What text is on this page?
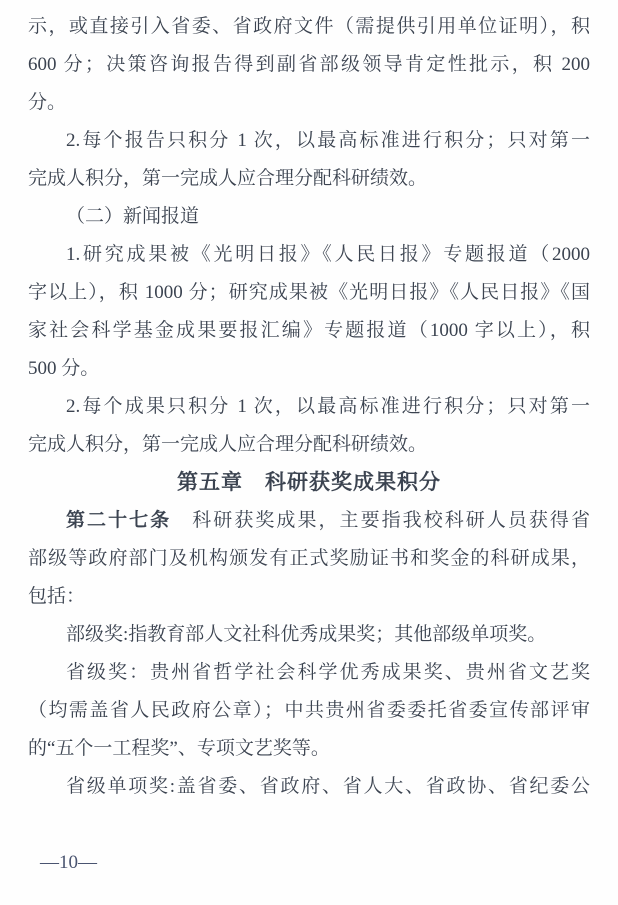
示，或直接引入省委、省政府文件（需提供引用单位证明），积
600 分；决策咨询报告得到副省部级领导肯定性批示，积 200
分。
2.每个报告只积分 1 次，以最高标准进行积分；只对第一
完成人积分，第一完成人应合理分配科研绩效。
（二）新闻报道
1.研究成果被《光明日报》《人民日报》专题报道（2000
字以上），积 1000 分；研究成果被《光明日报》《人民日报》《国
家社会科学基金成果要报汇编》专题报道（1000 字以上），积
500 分。
2.每个成果只积分 1 次，以最高标准进行积分；只对第一
完成人积分，第一完成人应合理分配科研绩效。
第五章　科研获奖成果积分
第二十七条　科研获奖成果，主要指我校科研人员获得省
部级等政府部门及机构颁发有正式奖励证书和奖金的科研成果，
包括：
部级奖:指教育部人文社科优秀成果奖；其他部级单项奖。
省级奖：贵州省哲学社会科学优秀成果奖、贵州省文艺奖
（均需盖省人民政府公章）；中共贵州省委委托省委宣传部评审
的“五个一工程奖”、专项文艺奖等。
省级单项奖:盖省委、省政府、省人大、省政协、省纪委公
—10—
